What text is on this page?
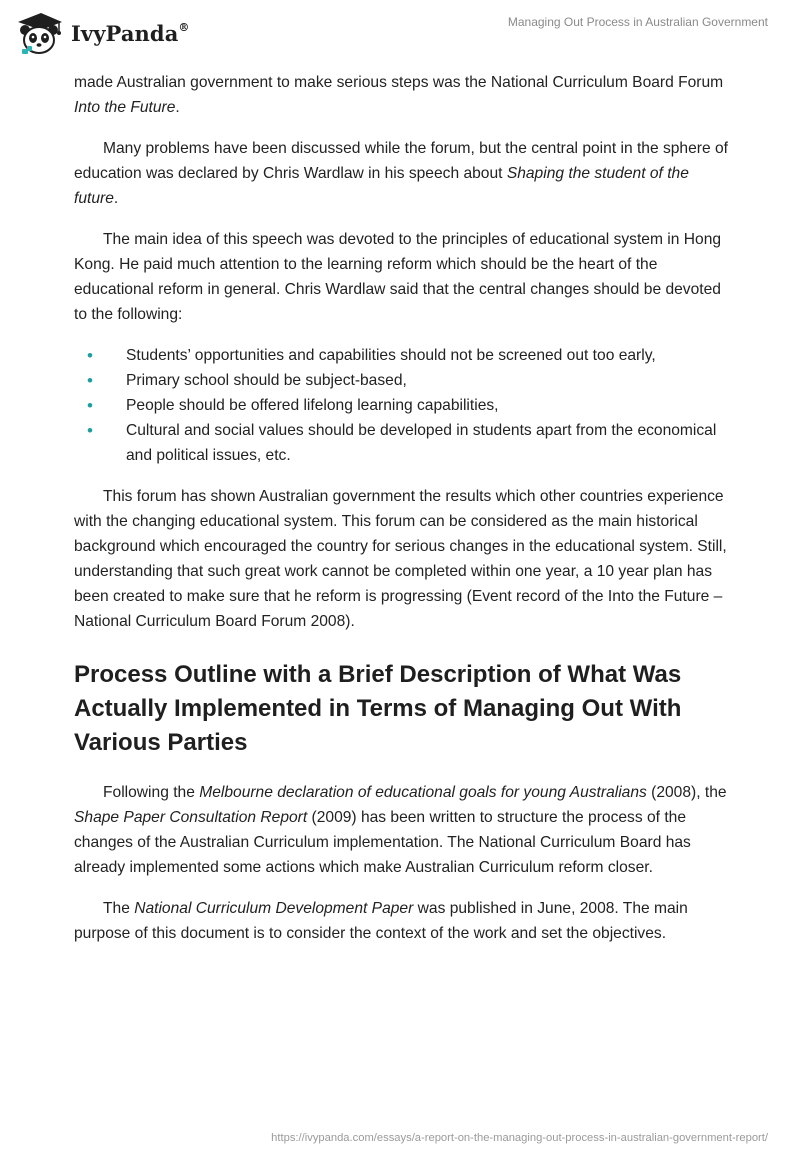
IvyPanda®	Managing Out Process in Australian Government

made Australian government to make serious steps was the National Curriculum Board Forum Into the Future.

Many problems have been discussed while the forum, but the central point in the sphere of education was declared by Chris Wardlaw in his speech about Shaping the student of the future.

The main idea of this speech was devoted to the principles of educational system in Hong Kong. He paid much attention to the learning reform which should be the heart of the educational reform in general. Chris Wardlaw said that the central changes should be devoted to the following:

• Students’ opportunities and capabilities should not be screened out too early,
• Primary school should be subject-based,
• People should be offered lifelong learning capabilities,
• Cultural and social values should be developed in students apart from the economical and political issues, etc.

This forum has shown Australian government the results which other countries experience with the changing educational system. This forum can be considered as the main historical background which encouraged the country for serious changes in the educational system. Still, understanding that such great work cannot be completed within one year, a 10 year plan has been created to make sure that he reform is progressing (Event record of the Into the Future – National Curriculum Board Forum 2008).

Process Outline with a Brief Description of What Was Actually Implemented in Terms of Managing Out With Various Parties

Following the Melbourne declaration of educational goals for young Australians (2008), the Shape Paper Consultation Report (2009) has been written to structure the process of the changes of the Australian Curriculum implementation. The National Curriculum Board has already implemented some actions which make Australian Curriculum reform closer.

The National Curriculum Development Paper was published in June, 2008. The main purpose of this document is to consider the context of the work and set the objectives.

https://ivypanda.com/essays/a-report-on-the-managing-out-process-in-australian-government-report/
